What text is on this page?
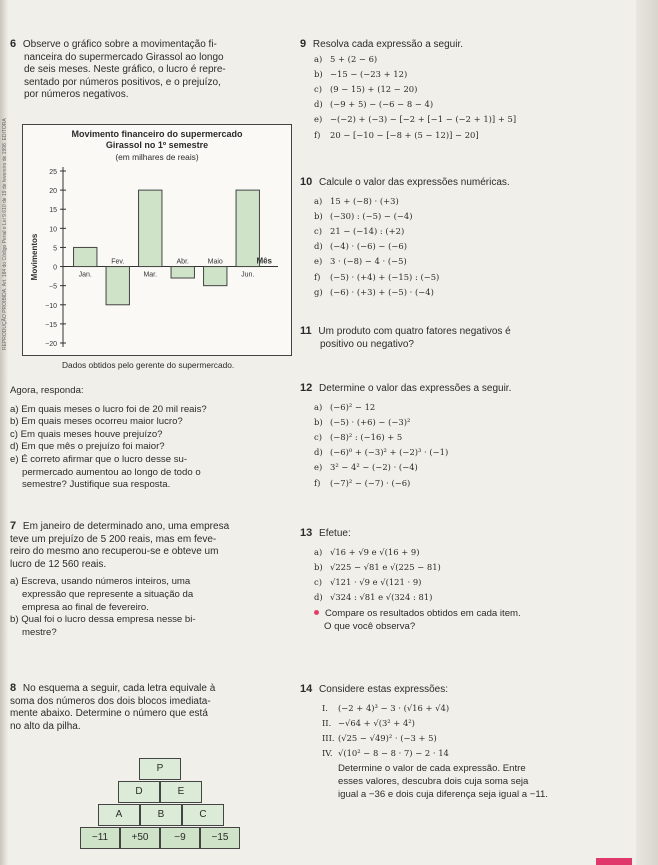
REPRODUÇÃO PROIBIDA. Art. 184 do Código Penal e Lei 9.610 de 19 de fevereiro de 1998. EDITORA
6 Observe o gráfico sobre a movimentação fi-
nanceira do supermercado Girassol ao longo
de seis meses. Neste gráfico, o lucro é repre-
sentado por números positivos, e o prejuízo,
por números negativos.
Movimento financeiro do supermercado
Girassol no 1º semestre
(em milhares de reais)
25
20
15
10
5
0
−5
−10
−15
−20
Movimentos	Jan.
Fev.
Mar.
Abr.	Maio
Jun.
Mês
Dados obtidos pelo gerente do supermercado.
Agora, responda:
a) Em quais meses o lucro foi de 20 mil reais?
b) Em quais meses ocorreu maior lucro?
c) Em quais meses houve prejuízo?
d) Em que mês o prejuízo foi maior?
e) É correto afirmar que o lucro desse su-
permercado aumentou ao longo de todo o
semestre? Justifique sua resposta.
7 Em janeiro de determinado ano, uma empresa
teve um prejuízo de 5 200 reais, mas em feve-
reiro do mesmo ano recuperou-se e obteve um
lucro de 12 560 reais.
a) Escreva, usando números inteiros, uma
expressão que represente a situação da
empresa ao final de fevereiro.
b) Qual foi o lucro dessa empresa nesse bi-
mestre?
8 No esquema a seguir, cada letra equivale à
soma dos números dos dois blocos imediata-
mente abaixo. Determine o número que está
no alto da pilha.
P
D	E
A	B	C
−11	+50	−9	−15
9 Resolva cada expressão a seguir.
a) 5 + (2 − 6)
b) −15 − (−23 + 12)
c) (9 − 15) + (12 − 20)
d) (−9 + 5) − (−6 − 8 − 4)
e) −(−2) + (−3) − [−2 + [−1 − (−2 + 1)] + 5]
f) 20 − [−10 − [−8 + (5 − 12)] − 20]
10 Calcule o valor das expressões numéricas.
a) 15 + (−8) · (+3)
b) (−30) : (−5) − (−4)
c) 21 − (−14) : (+2)
d) (−4) · (−6) − (−6)
e) 3 · (−8) − 4 · (−5)
f) (−5) · (+4) + (−15) : (−5)
g) (−6) · (+3) + (−5) · (−4)
11 Um produto com quatro fatores negativos é
positivo ou negativo?
12 Determine o valor das expressões a seguir.
a) (−6)² − 12
b) (−5) · (+6) − (−3)²
c) (−8)² : (−16) + 5
d) (−6)⁰ + (−3)² + (−2)³ · (−1)
e) 3² − 4² − (−2) · (−4)
f) (−7)² − (−7) · (−6)
13 Efetue:
a) √16 + √9 e √(16 + 9)
b) √225 − √81 e √(225 − 81)
c) √121 · √9 e √(121 · 9)
d) √324 : √81 e √(324 : 81)
Compare os resultados obtidos em cada item.
O que você observa?
14 Considere estas expressões:
I. (−2 + 4)³ − 3 · (√16 + √4)
II. −√64 + √(3² + 4²)
III. (√25 − √49)² · (−3 + 5)
IV. √(10² − 8 − 8 · 7) − 2 · 14
Determine o valor de cada expressão. Entre
esses valores, descubra dois cuja soma seja
igual a −36 e dois cuja diferença seja igual a −11.
